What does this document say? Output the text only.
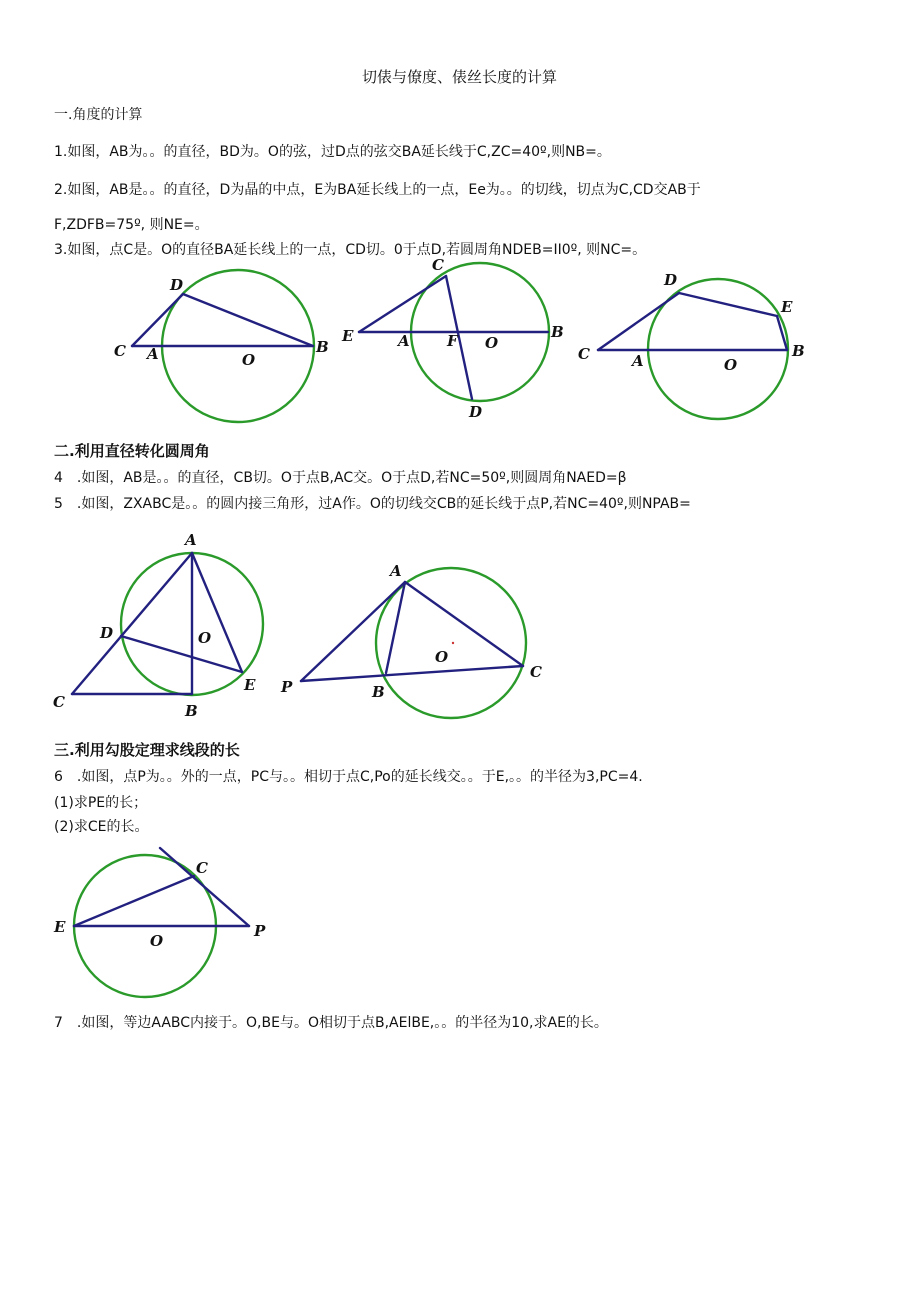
切俵与僚度、俵丝长度的计算
一.角度的计算
1.如图，AB为。。的直径，BD为。O的弦，过D点的弦交BA延长线于C,ZC=40º,则NB=。
2.如图，AB是。。的直径，D为晶的中点，E为BA延长线上的一点，Ee为。。的切线，切点为C,CD交AB于
F,ZDFB=75º, 则NE=。
3.如图，点C是。O的直径BA延长线上的一点，CD切。0于点D,若圆周角NDEB=II0º, 则NC=。
C A	O
B
D
C
E	A F O
B
D
D
E
C	A	O
B
二.利用直径转化圆周角
4　.如图，AB是。。的直径，CB切。O于点B,AC交。O于点D,若NC=50º,则圆周角NAED=β
5　.如图，ZXABC是。。的圆内接三角形，过A作。O的切线交CB的延长线于点P,若NC=40º,则NPAB=
A
D	O
E
C	B
A
P
O
C
B
三.利用勾股定理求线段的长
6　.如图，点P为。。外的一点，PC与。。相切于点C,Po的延长线交。。于E,。。的半径为3,PC=4.
(1)求PE的长；
(2)求CE的长。
C
E
O
P
7　.如图，等边AABC内接于。O,BE与。O相切于点B,AElBE,。。的半径为10,求AE的长。
